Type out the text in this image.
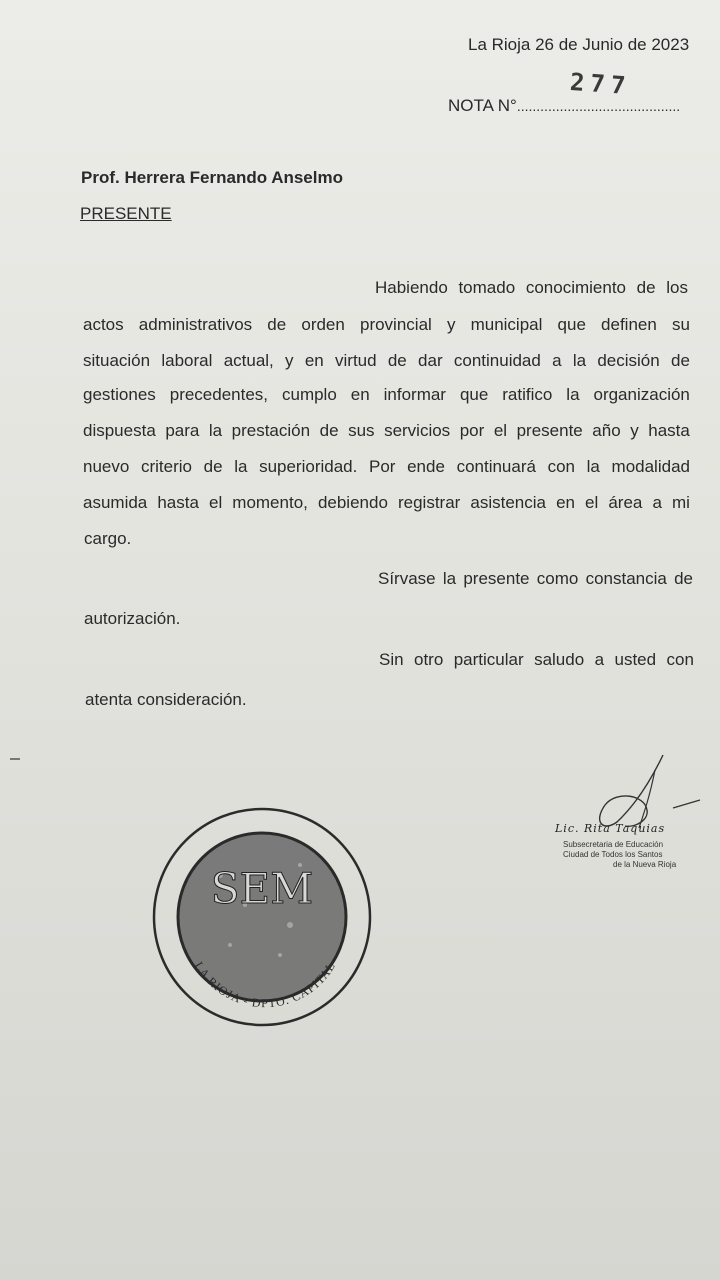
La Rioja 26 de Junio de 2023
277
NOTA N°..........................................
Prof. Herrera Fernando Anselmo
PRESENTE
Habiendo tomado conocimiento de los
actos administrativos de orden provincial y municipal que definen su
situación laboral actual, y en virtud de dar continuidad a la decisión de
gestiones precedentes, cumplo en informar que ratifico la organización
dispuesta para la prestación de sus servicios por el presente año y hasta
nuevo criterio de la superioridad. Por ende continuará con la modalidad
asumida hasta el momento, debiendo registrar asistencia en el área a mi
cargo.
Sírvase la presente como constancia de
autorización.
Sin otro particular saludo a usted con
atenta consideración.
Lic. Rita Taquias
Subsecretaria de Educación
Ciudad de Todos los Santos
de la Nueva Rioja
SEM
LA RIOJA - DPTO. CAPITAL
